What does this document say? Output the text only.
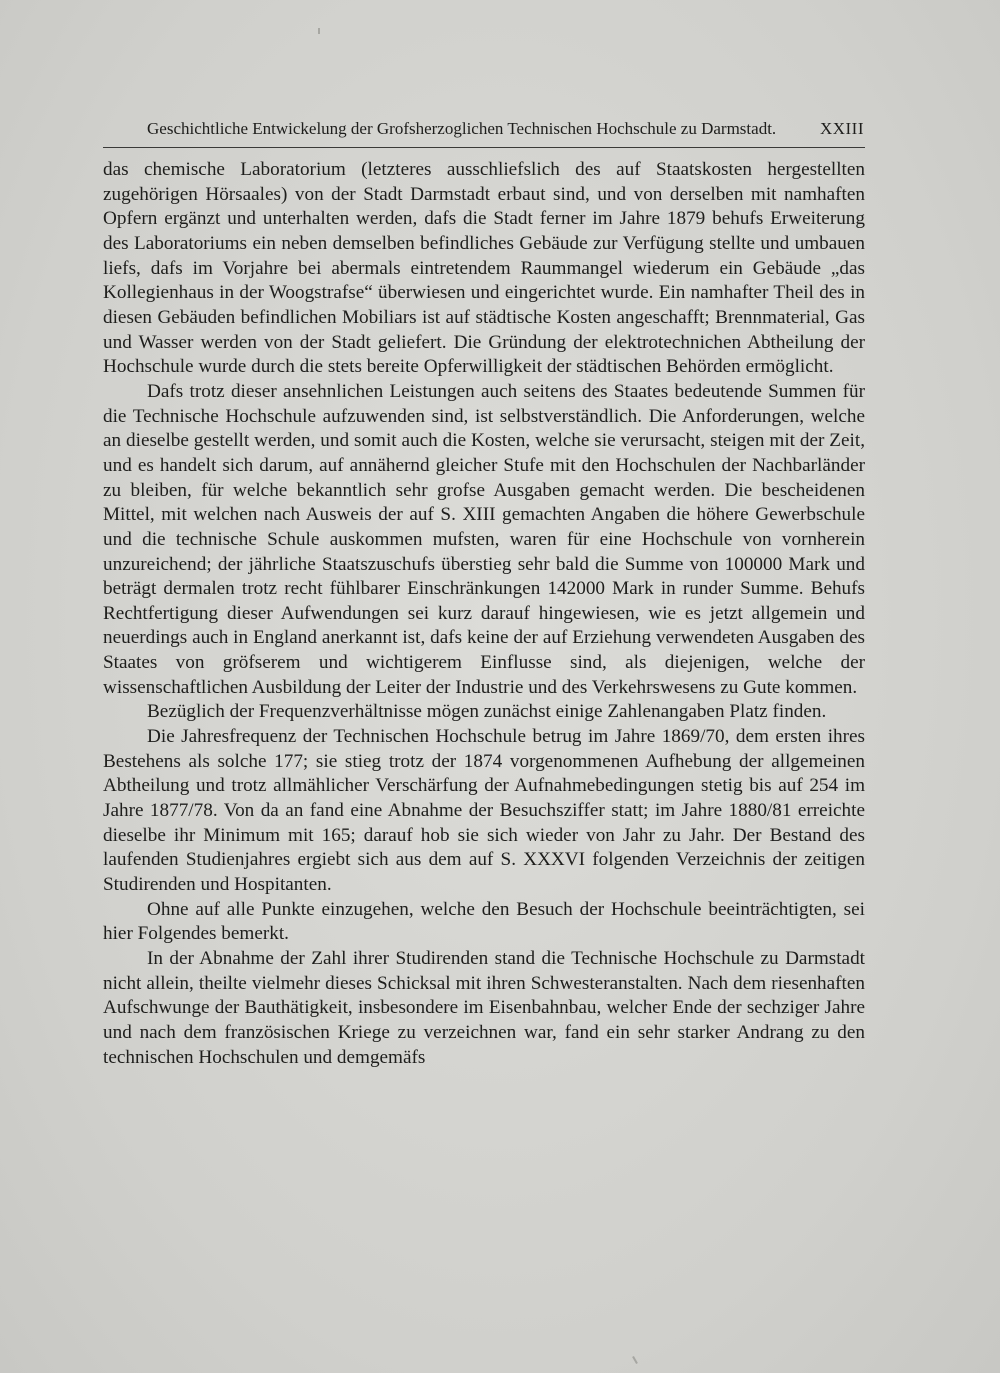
Geschichtliche Entwickelung der Grofsherzoglichen Technischen Hochschule zu Darmstadt.	XXIII

das chemische Laboratorium (letzteres ausschliefslich des auf Staatskosten hergestellten zugehörigen Hörsaales) von der Stadt Darmstadt erbaut sind, und von derselben mit namhaften Opfern ergänzt und unterhalten werden, dafs die Stadt ferner im Jahre 1879 behufs Erweiterung des Laboratoriums ein neben demselben befindliches Gebäude zur Verfügung stellte und umbauen liefs, dafs im Vorjahre bei abermals eintretendem Raummangel wiederum ein Gebäude „das Kollegienhaus in der Woogstrafse“ überwiesen und eingerichtet wurde. Ein namhafter Theil des in diesen Gebäuden befindlichen Mobiliars ist auf städtische Kosten angeschafft; Brennmaterial, Gas und Wasser werden von der Stadt geliefert. Die Gründung der elektrotechnichen Abtheilung der Hochschule wurde durch die stets bereite Opferwilligkeit der städtischen Behörden ermöglicht.

Dafs trotz dieser ansehnlichen Leistungen auch seitens des Staates bedeutende Summen für die Technische Hochschule aufzuwenden sind, ist selbstverständlich. Die Anforderungen, welche an dieselbe gestellt werden, und somit auch die Kosten, welche sie verursacht, steigen mit der Zeit, und es handelt sich darum, auf annähernd gleicher Stufe mit den Hochschulen der Nachbarländer zu bleiben, für welche bekanntlich sehr grofse Ausgaben gemacht werden. Die bescheidenen Mittel, mit welchen nach Ausweis der auf S. XIII gemachten Angaben die höhere Gewerbschule und die technische Schule auskommen mufsten, waren für eine Hochschule von vornherein unzureichend; der jährliche Staatszuschufs überstieg sehr bald die Summe von 100000 Mark und beträgt dermalen trotz recht fühlbarer Einschränkungen 142000 Mark in runder Summe. Behufs Rechtfertigung dieser Aufwendungen sei kurz darauf hingewiesen, wie es jetzt allgemein und neuerdings auch in England anerkannt ist, dafs keine der auf Erziehung verwendeten Ausgaben des Staates von gröfserem und wichtigerem Einflusse sind, als diejenigen, welche der wissenschaftlichen Ausbildung der Leiter der Industrie und des Verkehrswesens zu Gute kommen.

Bezüglich der Frequenzverhältnisse mögen zunächst einige Zahlenangaben Platz finden.

Die Jahresfrequenz der Technischen Hochschule betrug im Jahre 1869/70, dem ersten ihres Bestehens als solche 177; sie stieg trotz der 1874 vorgenommenen Aufhebung der allgemeinen Abtheilung und trotz allmählicher Verschärfung der Aufnahmebedingungen stetig bis auf 254 im Jahre 1877/78. Von da an fand eine Abnahme der Besuchsziffer statt; im Jahre 1880/81 erreichte dieselbe ihr Minimum mit 165; darauf hob sie sich wieder von Jahr zu Jahr. Der Bestand des laufenden Studienjahres ergiebt sich aus dem auf S. XXXVI folgenden Verzeichnis der zeitigen Studirenden und Hospitanten.

Ohne auf alle Punkte einzugehen, welche den Besuch der Hochschule beeinträchtigten, sei hier Folgendes bemerkt.

In der Abnahme der Zahl ihrer Studirenden stand die Technische Hochschule zu Darmstadt nicht allein, theilte vielmehr dieses Schicksal mit ihren Schwesteranstalten. Nach dem riesenhaften Aufschwunge der Bauthätigkeit, insbesondere im Eisenbahnbau, welcher Ende der sechziger Jahre und nach dem französischen Kriege zu verzeichnen war, fand ein sehr starker Andrang zu den technischen Hochschulen und demgemäfs
